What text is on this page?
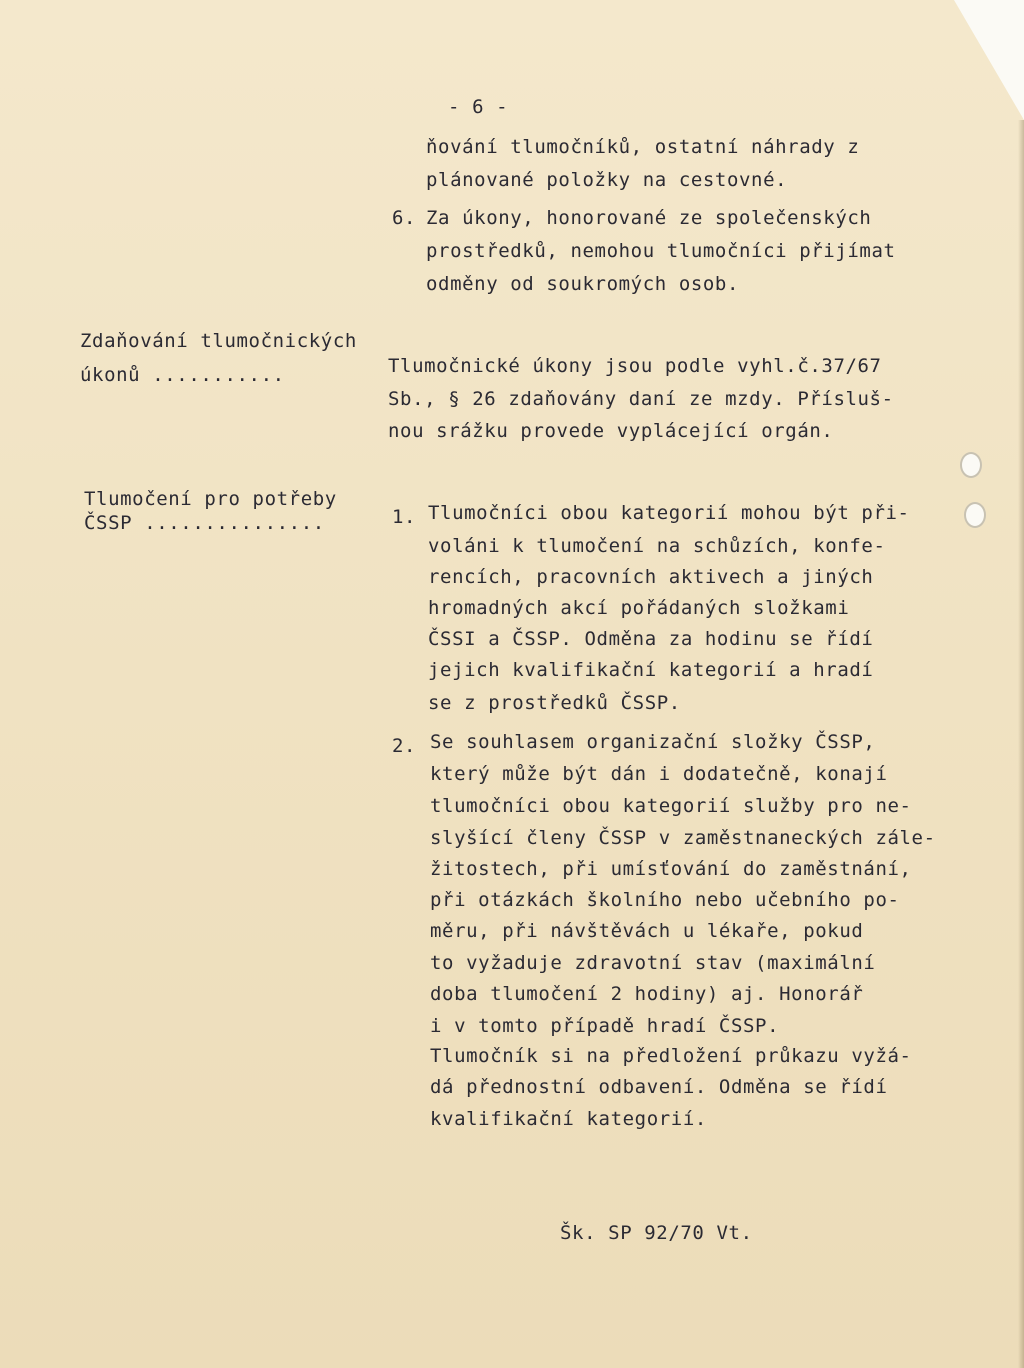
- 6 -
ňování tlumočníků, ostatní náhrady z
plánované položky na cestovné.
6. Za úkony, honorované ze společenských
prostředků, nemohou tlumočníci přijímat
odměny od soukromých osob.
Zdaňování tlumočnických
úkonů ...........	Tlumočnické úkony jsou podle vyhl.č.37/67
Sb., § 26 zdaňovány daní ze mzdy. Přísluš-
nou srážku provede vyplácející orgán.
Tlumočení pro potřeby
ČSSP ...............	1. Tlumočníci obou kategorií mohou být při-
voláni k tlumočení na schůzích, konfe-
rencích, pracovních aktivech a jiných
hromadných akcí pořádaných složkami
ČSSI a ČSSP. Odměna za hodinu se řídí
jejich kvalifikační kategorií a hradí
se z prostředků ČSSP.
2. Se souhlasem organizační složky ČSSP,
který může být dán i dodatečně, konají
tlumočníci obou kategorií služby pro ne-
slyšící členy ČSSP v zaměstnaneckých zále-
žitostech, při umísťování do zaměstnání,
při otázkách školního nebo učebního po-
měru, při návštěvách u lékaře, pokud
to vyžaduje zdravotní stav (maximální
doba tlumočení 2 hodiny) aj. Honorář
i v tomto případě hradí ČSSP.
Tlumočník si na předložení průkazu vyžá-
dá přednostní odbavení. Odměna se řídí
kvalifikační kategorií.
Šk. SP 92/70 Vt.
